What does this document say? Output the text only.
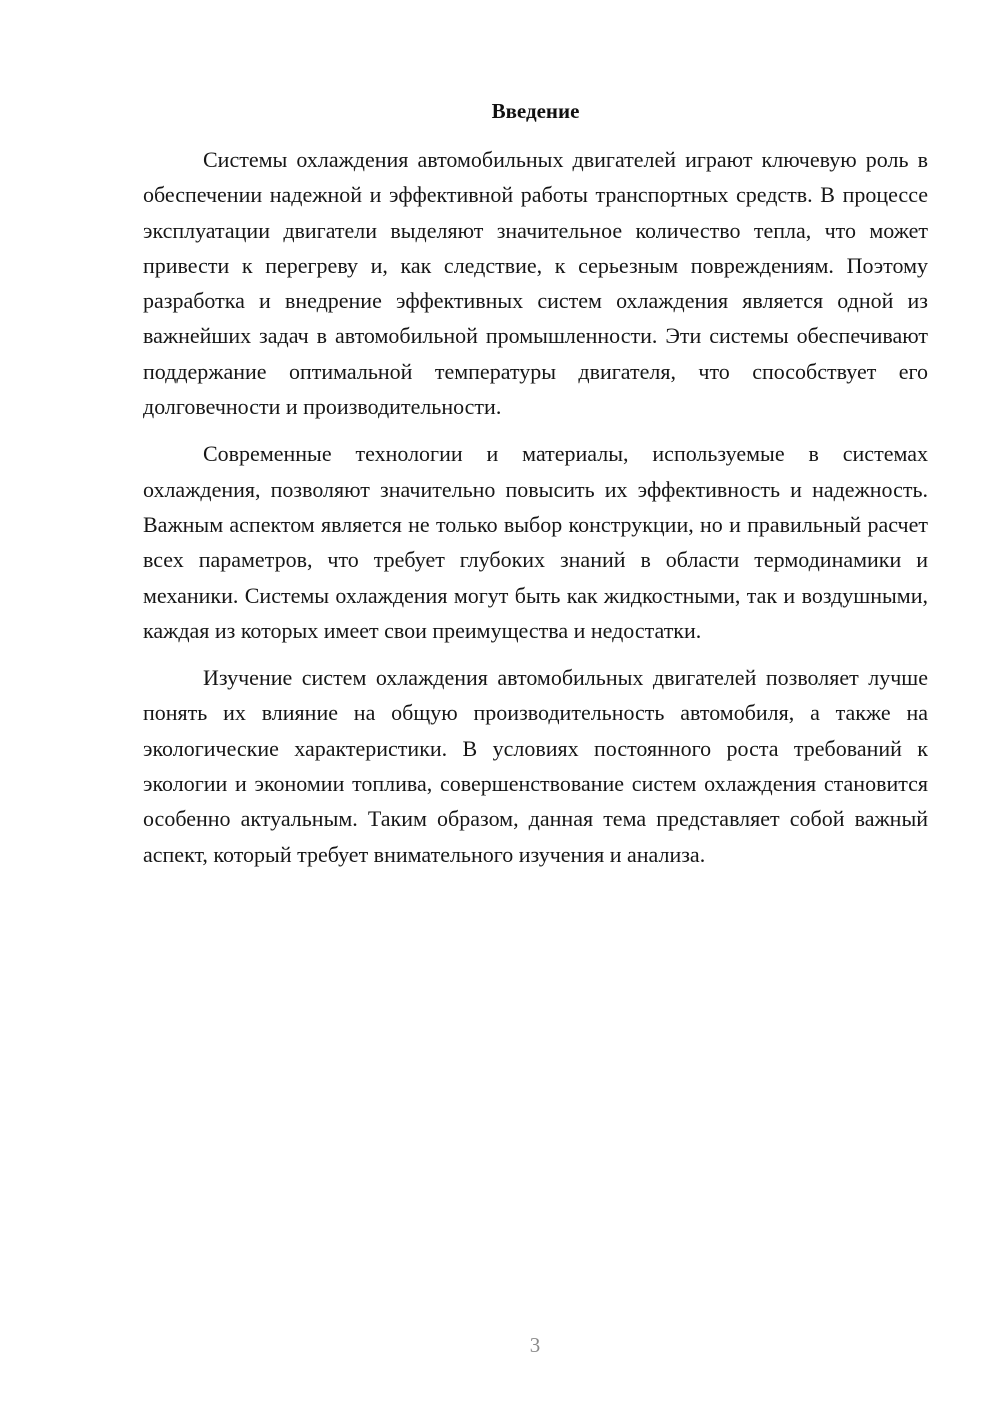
Введение

Системы охлаждения автомобильных двигателей играют ключевую роль в обеспечении надежной и эффективной работы транспортных средств. В процессе эксплуатации двигатели выделяют значительное количество тепла, что может привести к перегреву и, как следствие, к серьезным повреждениям. Поэтому разработка и внедрение эффективных систем охлаждения является одной из важнейших задач в автомобильной промышленности. Эти системы обеспечивают поддержание оптимальной температуры двигателя, что способствует его долговечности и производительности.

Современные технологии и материалы, используемые в системах охлаждения, позволяют значительно повысить их эффективность и надежность. Важным аспектом является не только выбор конструкции, но и правильный расчет всех параметров, что требует глубоких знаний в области термодинамики и механики. Системы охлаждения могут быть как жидкостными, так и воздушными, каждая из которых имеет свои преимущества и недостатки.

Изучение систем охлаждения автомобильных двигателей позволяет лучше понять их влияние на общую производительность автомобиля, а также на экологические характеристики. В условиях постоянного роста требований к экологии и экономии топлива, совершенствование систем охлаждения становится особенно актуальным. Таким образом, данная тема представляет собой важный аспект, который требует внимательного изучения и анализа.

3
